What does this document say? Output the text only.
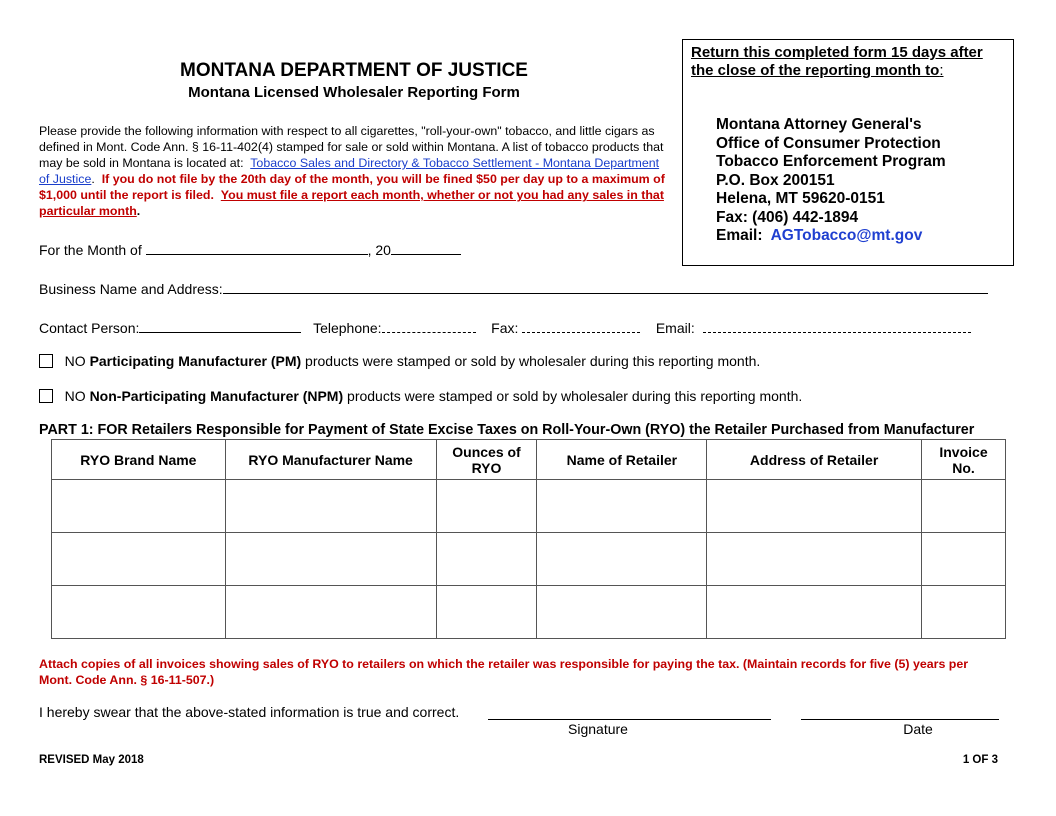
MONTANA DEPARTMENT OF JUSTICE
Montana Licensed Wholesaler Reporting Form
Return this completed form 15 days after the close of the reporting month to:
Montana Attorney General's
Office of Consumer Protection
Tobacco Enforcement Program
P.O. Box 200151
Helena, MT 59620-0151
Fax: (406) 442-1894
Email: AGTobacco@mt.gov
Please provide the following information with respect to all cigarettes, "roll-your-own" tobacco, and little cigars as defined in Mont. Code Ann. § 16-11-402(4) stamped for sale or sold within Montana. A list of tobacco products that may be sold in Montana is located at: Tobacco Sales and Directory & Tobacco Settlement - Montana Department of Justice. If you do not file by the 20th day of the month, you will be fined $50 per day up to a maximum of $1,000 until the report is filed. You must file a report each month, whether or not you had any sales in that particular month.
For the Month of	, 20
Business Name and Address:
Contact Person:	Telephone:	Fax:	Email:
NO Participating Manufacturer (PM) products were stamped or sold by wholesaler during this reporting month.
NO Non-Participating Manufacturer (NPM) products were stamped or sold by wholesaler during this reporting month.
PART 1: FOR Retailers Responsible for Payment of State Excise Taxes on Roll-Your-Own (RYO) the Retailer Purchased from Manufacturer
RYO Brand Name	RYO Manufacturer Name	Ounces of RYO	Name of Retailer	Address of Retailer	Invoice No.

Attach copies of all invoices showing sales of RYO to retailers on which the retailer was responsible for paying the tax. (Maintain records for five (5) years per Mont. Code Ann. § 16-11-507.)
I hereby swear that the above-stated information is true and correct.
Signature	Date
REVISED May 2018	1 OF 3
